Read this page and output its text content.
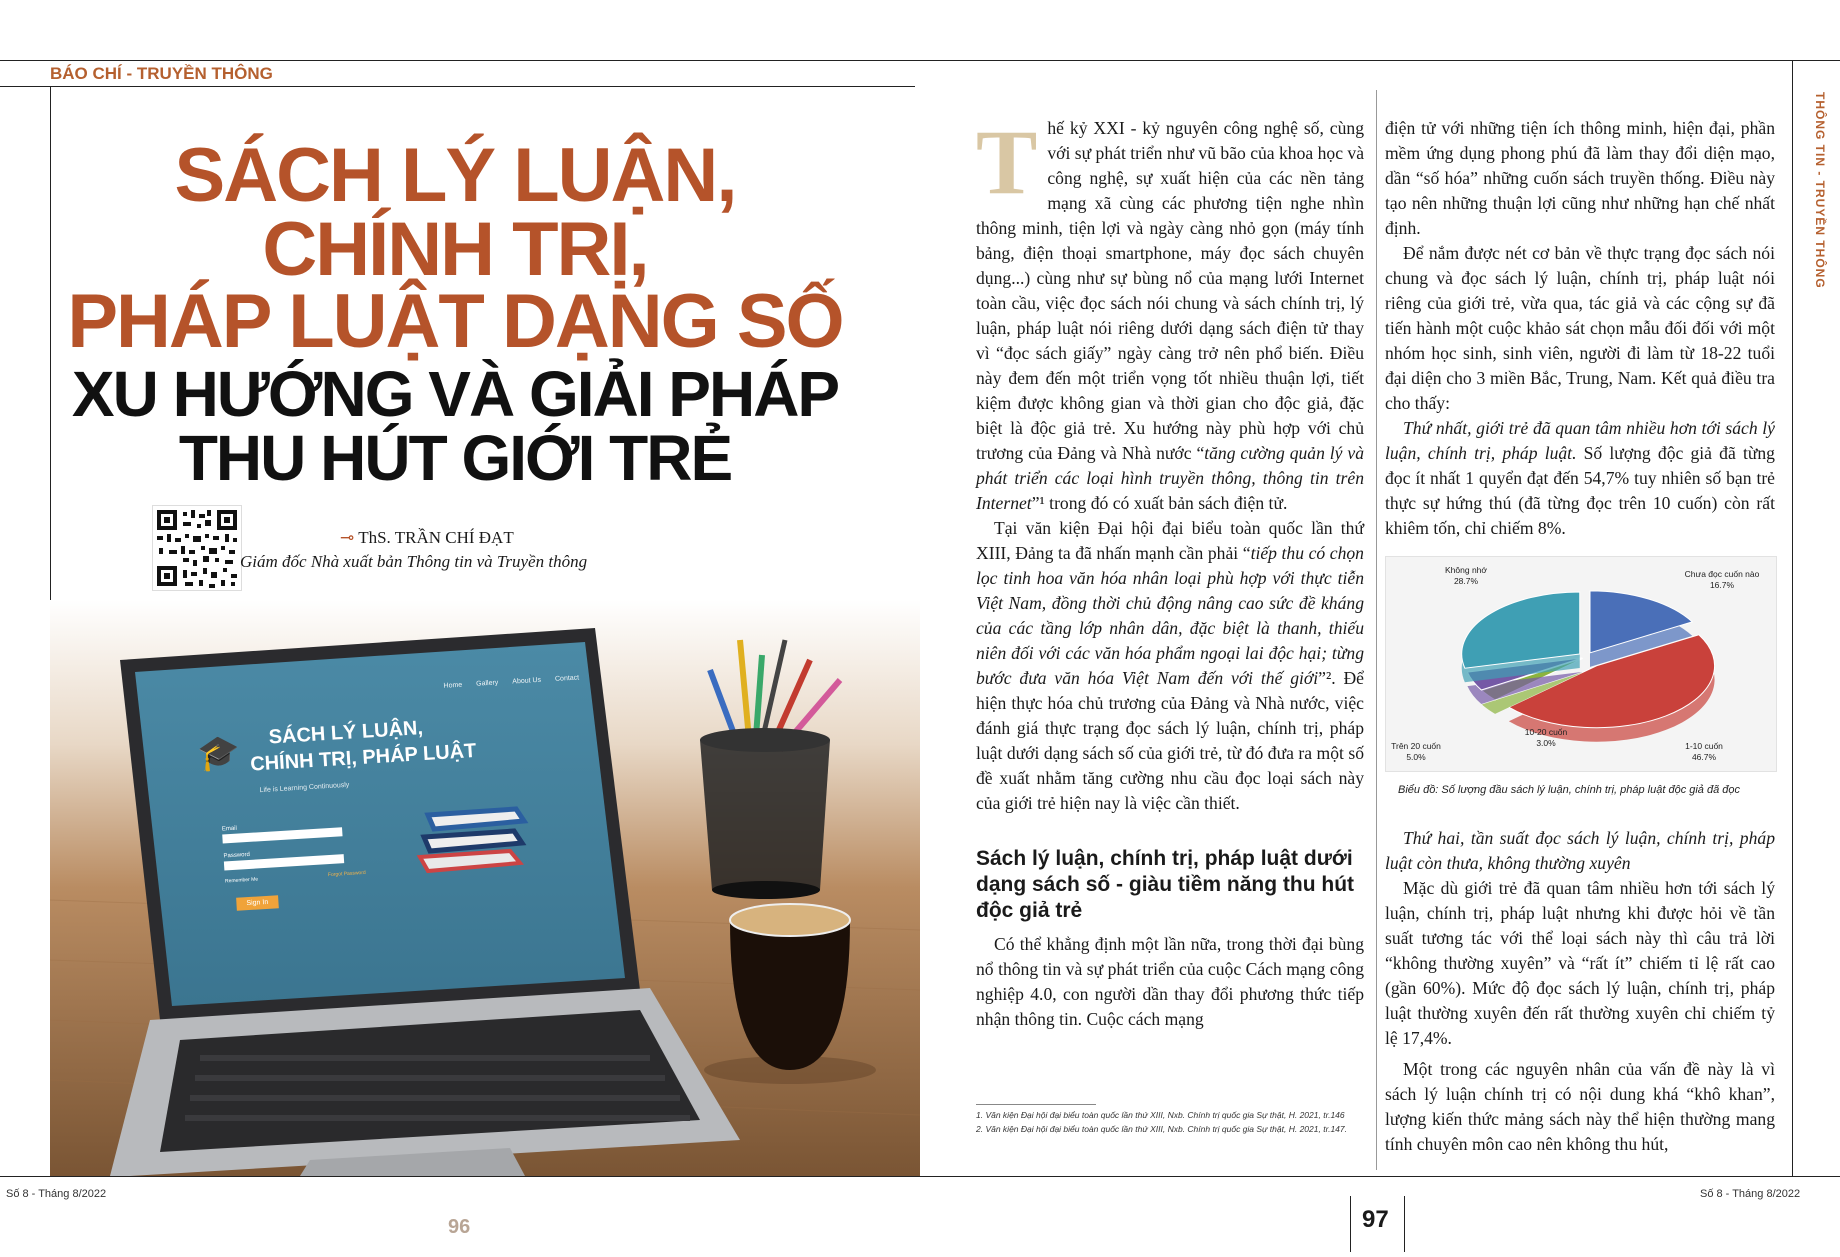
BÁO CHÍ - TRUYỀN THÔNG
THÔNG TIN - TRUYỀN THÔNG
SÁCH LÝ LUẬN,
CHÍNH TRỊ,
PHÁP LUẬT DẠNG SỐ
XU HƯỚNG VÀ GIẢI PHÁP
THU HÚT GIỚI TRẺ
⊸ ThS. TRẦN CHÍ ĐẠT
Giám đốc Nhà xuất bản Thông tin và Truyền thông
Home Gallery About Us Contact
🎓
SÁCH LÝ LUẬN,
CHÍNH TRỊ, PHÁP LUẬT
Life is Learning Continuously
Email
Password
Remember Me
Forgot Password
Sign In

Thế kỷ XXI - kỷ nguyên công nghệ số, cùng với sự phát triển như vũ bão của khoa học và công nghệ, sự xuất hiện của các nền tảng mạng xã cùng các phương tiện nghe nhìn thông minh, tiện lợi và ngày càng nhỏ gọn (máy tính bảng, điện thoại smartphone, máy đọc sách chuyên dụng...) cùng như sự bùng nổ của mạng lưới Internet toàn cầu, việc đọc sách nói chung và sách chính trị, lý luận, pháp luật nói riêng dưới dạng sách điện tử thay vì “đọc sách giấy” ngày càng trở nên phổ biến. Điều này đem đến một triển vọng tốt nhiều thuận lợi, tiết kiệm được không gian và thời gian cho độc giả, đặc biệt là độc giả trẻ. Xu hướng này phù hợp với chủ trương của Đảng và Nhà nước “tăng cường quản lý và phát triển các loại hình truyền thông, thông tin trên Internet”¹ trong đó có xuất bản sách điện tử.

Tại văn kiện Đại hội đại biểu toàn quốc lần thứ XIII, Đảng ta đã nhấn mạnh cần phải “tiếp thu có chọn lọc tinh hoa văn hóa nhân loại phù hợp với thực tiễn Việt Nam, đồng thời chủ động nâng cao sức đề kháng của các tầng lớp nhân dân, đặc biệt là thanh, thiếu niên đối với các văn hóa phẩm ngoại lai độc hại; từng bước đưa văn hóa Việt Nam đến với thế giới”². Để hiện thực hóa chủ trương của Đảng và Nhà nước, việc đánh giá thực trạng đọc sách lý luận, chính trị, pháp luật dưới dạng sách số của giới trẻ, từ đó đưa ra một số đề xuất nhằm tăng cường nhu cầu đọc loại sách này của giới trẻ hiện nay là việc cần thiết.

Sách lý luận, chính trị, pháp luật dưới dạng sách số - giàu tiềm năng thu hút độc giả trẻ

Có thể khẳng định một lần nữa, trong thời đại bùng nổ thông tin và sự phát triển của cuộc Cách mạng công nghiệp 4.0, con người dần thay đổi phương thức tiếp nhận thông tin. Cuộc cách mạng

1. Văn kiện Đại hội đại biểu toàn quốc lần thứ XIII, Nxb. Chính trị quốc gia Sự thật, H. 2021, tr.146
2. Văn kiện Đại hội đại biểu toàn quốc lần thứ XIII, Nxb. Chính trị quốc gia Sự thật, H. 2021, tr.147.

điện tử với những tiện ích thông minh, hiện đại, phần mềm ứng dụng phong phú đã làm thay đổi diện mạo, dần “số hóa” những cuốn sách truyền thống. Điều này tạo nên những thuận lợi cũng như những hạn chế nhất định.

Để nắm được nét cơ bản về thực trạng đọc sách nói chung và đọc sách lý luận, chính trị, pháp luật nói riêng của giới trẻ, vừa qua, tác giả và các cộng sự đã tiến hành một cuộc khảo sát chọn mẫu đối đối với một nhóm học sinh, sinh viên, người đi làm từ 18-22 tuổi đại diện cho 3 miền Bắc, Trung, Nam. Kết quả điều tra cho thấy:

Thứ nhất, giới trẻ đã quan tâm nhiều hơn tới sách lý luận, chính trị, pháp luật. Số lượng độc giả đã từng đọc ít nhất 1 quyển đạt đến 54,7% tuy nhiên số bạn trẻ thực sự hứng thú (đã từng đọc trên 10 cuốn) còn rất khiêm tốn, chỉ chiếm 8%.

Chưa đọc cuốn nào
16.7%
1-10 cuốn
46.7%
10-20 cuốn
3.0%
Trên 20 cuốn
5.0%
Không nhớ
28.7%
Biểu đồ: Số lượng đầu sách lý luận, chính trị, pháp luật độc giả đã đọc

Thứ hai, tần suất đọc sách lý luận, chính trị, pháp luật còn thưa, không thường xuyên

Mặc dù giới trẻ đã quan tâm nhiều hơn tới sách lý luận, chính trị, pháp luật nhưng khi được hỏi về tần suất tương tác với thể loại sách này thì câu trả lời “không thường xuyên” và “rất ít” chiếm tỉ lệ rất cao (gần 60%). Mức độ đọc sách lý luận, chính trị, pháp luật thường xuyên đến rất thường xuyên chỉ chiếm tỷ lệ 17,4%.

Một trong các nguyên nhân của vấn đề này là vì sách lý luận chính trị có nội dung khá “khô khan”, lượng kiến thức mảng sách này thể hiện thường mang tính chuyên môn cao nên không thu hút,

Số 8 - Tháng 8/2022
96
Số 8 - Tháng 8/2022
97
